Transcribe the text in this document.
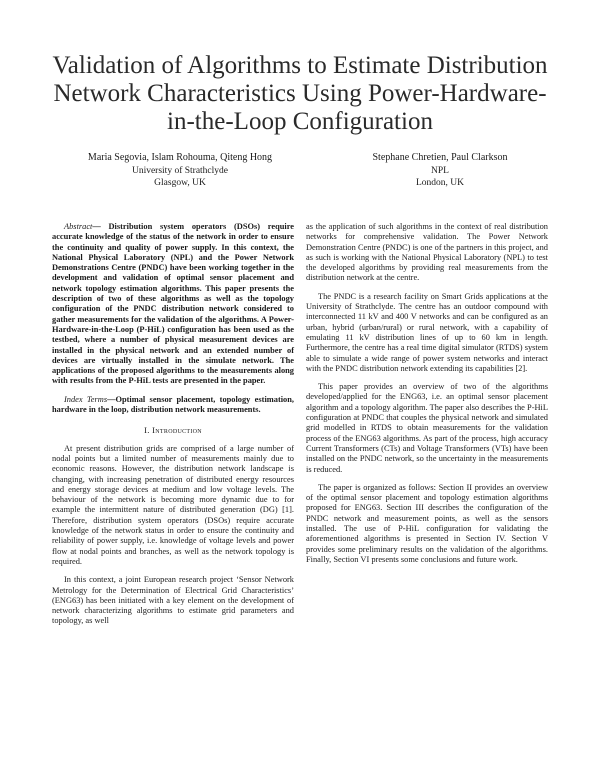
Validation of Algorithms to Estimate Distribution Network Characteristics Using Power-Hardware-in-the-Loop Configuration
Maria Segovia, Islam Rohouma, Qiteng Hong
University of Strathclyde
Glasgow, UK
Stephane Chretien, Paul Clarkson
NPL
London, UK

Abstract— Distribution system operators (DSOs) require accurate knowledge of the status of the network in order to ensure the continuity and quality of power supply. In this context, the National Physical Laboratory (NPL) and the Power Network Demonstrations Centre (PNDC) have been working together in the development and validation of optimal sensor placement and network topology estimation algorithms. This paper presents the description of two of these algorithms as well as the topology configuration of the PNDC distribution network considered to gather measurements for the validation of the algorithms. A Power-Hardware-in-the-Loop (P-HiL) configuration has been used as the testbed, where a number of physical measurement devices are installed in the physical network and an extended number of devices are virtually installed in the simulate network. The applications of the proposed algorithms to the measurements along with results from the P-HiL tests are presented in the paper.

Index Terms—Optimal sensor placement, topology estimation, hardware in the loop, distribution network measurements.

I. Introduction

At present distribution grids are comprised of a large number of nodal points but a limited number of measurements mainly due to economic reasons. However, the distribution network landscape is changing, with increasing penetration of distributed energy resources and energy storage devices at medium and low voltage levels. The behaviour of the network is becoming more dynamic due to for example the intermittent nature of distributed generation (DG) [1]. Therefore, distribution system operators (DSOs) require accurate knowledge of the network status in order to ensure the continuity and reliability of power supply, i.e. knowledge of voltage levels and power flow at nodal points and branches, as well as the network topology is required.

In this context, a joint European research project ‘Sensor Network Metrology for the Determination of Electrical Grid Characteristics’ (ENG63) has been initiated with a key element on the development of network characterizing algorithms to estimate grid parameters and topology, as well

as the application of such algorithms in the context of real distribution networks for comprehensive validation. The Power Network Demonstration Centre (PNDC) is one of the partners in this project, and as such is working with the National Physical Laboratory (NPL) to test the developed algorithms by providing real measurements from the distribution network at the centre.

The PNDC is a research facility on Smart Grids applications at the University of Strathclyde. The centre has an outdoor compound with interconnected 11 kV and 400 V networks and can be configured as an urban, hybrid (urban/rural) or rural network, with a capability of emulating 11 kV distribution lines of up to 60 km in length. Furthermore, the centre has a real time digital simulator (RTDS) system able to simulate a wide range of power system networks and interact with the PNDC distribution network extending its capabilities [2].

This paper provides an overview of two of the algorithms developed/applied for the ENG63, i.e. an optimal sensor placement algorithm and a topology algorithm. The paper also describes the P-HiL configuration at PNDC that couples the physical network and simulated grid modelled in RTDS to obtain measurements for the validation process of the ENG63 algorithms. As part of the process, high accuracy Current Transformers (CTs) and Voltage Transformers (VTs) have been installed on the PNDC network, so the uncertainty in the measurements is reduced.

The paper is organized as follows: Section II provides an overview of the optimal sensor placement and topology estimation algorithms proposed for ENG63. Section III describes the configuration of the PNDC network and measurement points, as well as the sensors installed. The use of P-HiL configuration for validating the aforementioned algorithms is presented in Section IV. Section V provides some preliminary results on the validation of the algorithms. Finally, Section VI presents some conclusions and future work.
